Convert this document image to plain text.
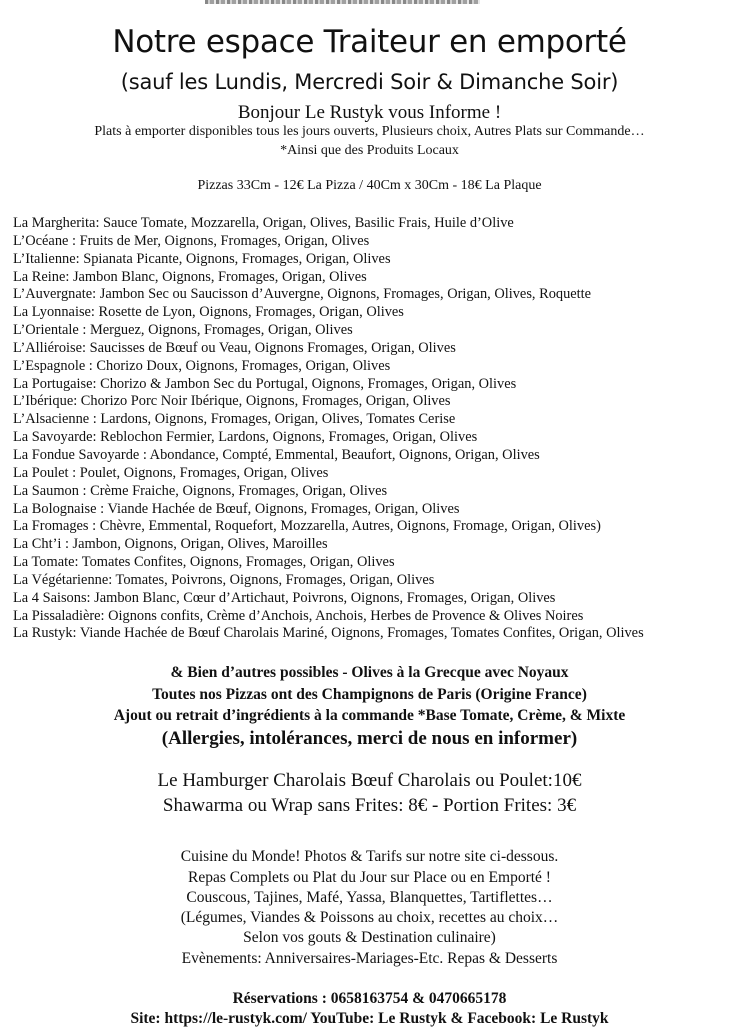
Notre espace Traiteur en emporté
(sauf les Lundis, Mercredi Soir & Dimanche Soir)
Bonjour Le Rustyk vous Informe !
Plats à emporter disponibles tous les jours ouverts, Plusieurs choix, Autres Plats sur Commande…
*Ainsi que des Produits Locaux
Pizzas 33Cm - 12€ La Pizza / 40Cm x 30Cm - 18€ La Plaque
La Margherita: Sauce Tomate, Mozzarella, Origan, Olives, Basilic Frais, Huile d’Olive
L’Océane : Fruits de Mer, Oignons, Fromages, Origan, Olives
L’Italienne: Spianata Picante, Oignons, Fromages, Origan, Olives
La Reine: Jambon Blanc, Oignons, Fromages, Origan, Olives
L’Auvergnate: Jambon Sec ou Saucisson d’Auvergne, Oignons, Fromages, Origan, Olives, Roquette
La Lyonnaise: Rosette de Lyon, Oignons, Fromages, Origan, Olives
L’Orientale : Merguez, Oignons, Fromages, Origan, Olives
L’Alliéroise: Saucisses de Bœuf ou Veau, Oignons Fromages, Origan, Olives
L’Espagnole : Chorizo Doux, Oignons, Fromages, Origan, Olives
La Portugaise: Chorizo & Jambon Sec du Portugal, Oignons, Fromages, Origan, Olives
L’Ibérique: Chorizo Porc Noir Ibérique, Oignons, Fromages, Origan, Olives
L’Alsacienne : Lardons, Oignons, Fromages, Origan, Olives, Tomates Cerise
La Savoyarde: Reblochon Fermier, Lardons, Oignons, Fromages, Origan, Olives
La Fondue Savoyarde : Abondance, Compté, Emmental, Beaufort, Oignons, Origan, Olives
La Poulet : Poulet, Oignons, Fromages, Origan, Olives
La Saumon : Crème Fraiche, Oignons, Fromages, Origan, Olives
La Bolognaise : Viande Hachée de Bœuf, Oignons, Fromages, Origan, Olives
La Fromages : Chèvre, Emmental, Roquefort, Mozzarella, Autres, Oignons, Fromage, Origan, Olives)
La Cht’i : Jambon, Oignons, Origan, Olives, Maroilles
La Tomate: Tomates Confites, Oignons, Fromages, Origan, Olives
La Végétarienne: Tomates, Poivrons, Oignons, Fromages, Origan, Olives
La 4 Saisons: Jambon Blanc, Cœur d’Artichaut, Poivrons, Oignons, Fromages, Origan, Olives
La Pissaladière: Oignons confits, Crème d’Anchois, Anchois, Herbes de Provence & Olives Noires
La Rustyk: Viande Hachée de Bœuf Charolais Mariné, Oignons, Fromages, Tomates Confites, Origan, Olives
& Bien d’autres possibles - Olives à la Grecque avec Noyaux
Toutes nos Pizzas ont des Champignons de Paris (Origine France)
Ajout ou retrait d’ingrédients à la commande *Base Tomate, Crème, & Mixte
(Allergies, intolérances, merci de nous en informer)
Le Hamburger Charolais Bœuf Charolais ou Poulet:10€
Shawarma ou Wrap sans Frites: 8€ - Portion Frites: 3€
Cuisine du Monde! Photos & Tarifs sur notre site ci-dessous.
Repas Complets ou Plat du Jour sur Place ou en Emporté !
Couscous, Tajines, Mafé, Yassa, Blanquettes, Tartiflettes…
(Légumes, Viandes & Poissons au choix, recettes au choix…
Selon vos gouts & Destination culinaire)
Evènements: Anniversaires-Mariages-Etc. Repas & Desserts
Réservations : 0658163754 & 0470665178
Site: https://le-rustyk.com/ YouTube: Le Rustyk & Facebook: Le Rustyk
